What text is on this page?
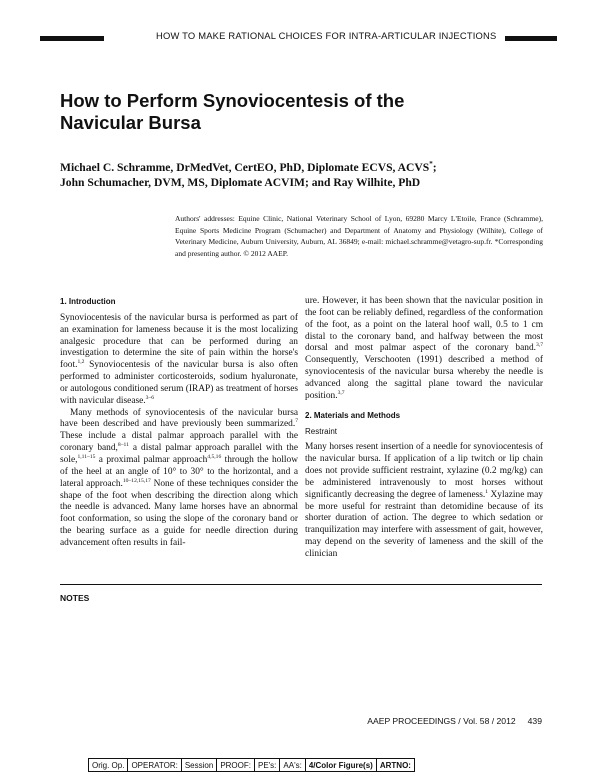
HOW TO MAKE RATIONAL CHOICES FOR INTRA-ARTICULAR INJECTIONS
How to Perform Synoviocentesis of the Navicular Bursa

Michael C. Schramme, DrMedVet, CertEO, PhD, Diplomate ECVS, ACVS*;
John Schumacher, DVM, MS, Diplomate ACVIM; and Ray Wilhite, PhD

Authors' addresses: Equine Clinic, National Veterinary School of Lyon, 69280 Marcy L'Etoile, France (Schramme), Equine Sports Medicine Program (Schumacher) and Department of Anatomy and Physiology (Wilhite), College of Veterinary Medicine, Auburn University, Auburn, AL 36849; e-mail: michael.schramme@vetagro-sup.fr. *Corresponding and presenting author. © 2012 AAEP.

1. Introduction

Synoviocentesis of the navicular bursa is performed as part of an examination for lameness because it is the most localizing analgesic procedure that can be performed during an investigation to determine the site of pain within the horse's foot.$^{1,2}$ Synoviocentesis of the navicular bursa is also often performed to administer corticosteroids, sodium hyaluronate, or autologous conditioned serum (IRAP) as treatment of horses with navicular disease.$^{3-6}$

Many methods of synoviocentesis of the navicular bursa have been described and have previously been summarized.$^7$ These include a distal palmar approach parallel with the coronary band,$^{8-11}$ a distal palmar approach parallel with the sole,$^{1,11-15}$ a proximal palmar approach$^{4,5,16}$ through the hollow of the heel at an angle of 10° to 30° to the horizontal, and a lateral approach.$^{10-12,15,17}$ None of these techniques consider the shape of the foot when describing the direction along which the needle is advanced. Many lame horses have an abnormal foot conformation, so using the slope of the coronary band or the bearing surface as a guide for needle direction during advancement often results in fail-

ure. However, it has been shown that the navicular position in the foot can be reliably defined, regardless of the conformation of the foot, as a point on the lateral hoof wall, 0.5 to 1 cm distal to the coronary band, and halfway between the most dorsal and most palmar aspect of the coronary band.$^{3,7}$ Consequently, Verschooten (1991) described a method of synoviocentesis of the navicular bursa whereby the needle is advanced along the sagittal plane toward the navicular position.$^{3,7}$

2. Materials and Methods
Restraint

Many horses resent insertion of a needle for synoviocentesis of the navicular bursa. If application of a lip twitch or lip chain does not provide sufficient restraint, xylazine (0.2 mg/kg) can be administered intravenously to most horses without significantly decreasing the degree of lameness.$^1$ Xylazine may be more useful for restraint than detomidine because of its shorter duration of action. The degree to which sedation or tranquilization may interfere with assessment of gait, however, may depend on the severity of lameness and the skill of the clinician

NOTES
AAEP PROCEEDINGS / Vol. 58 / 2012 439
Orig. Op.	OPERATOR:	Session	PROOF:	PE's:	AA's:	4/Color Figure(s)	ARTNO:
